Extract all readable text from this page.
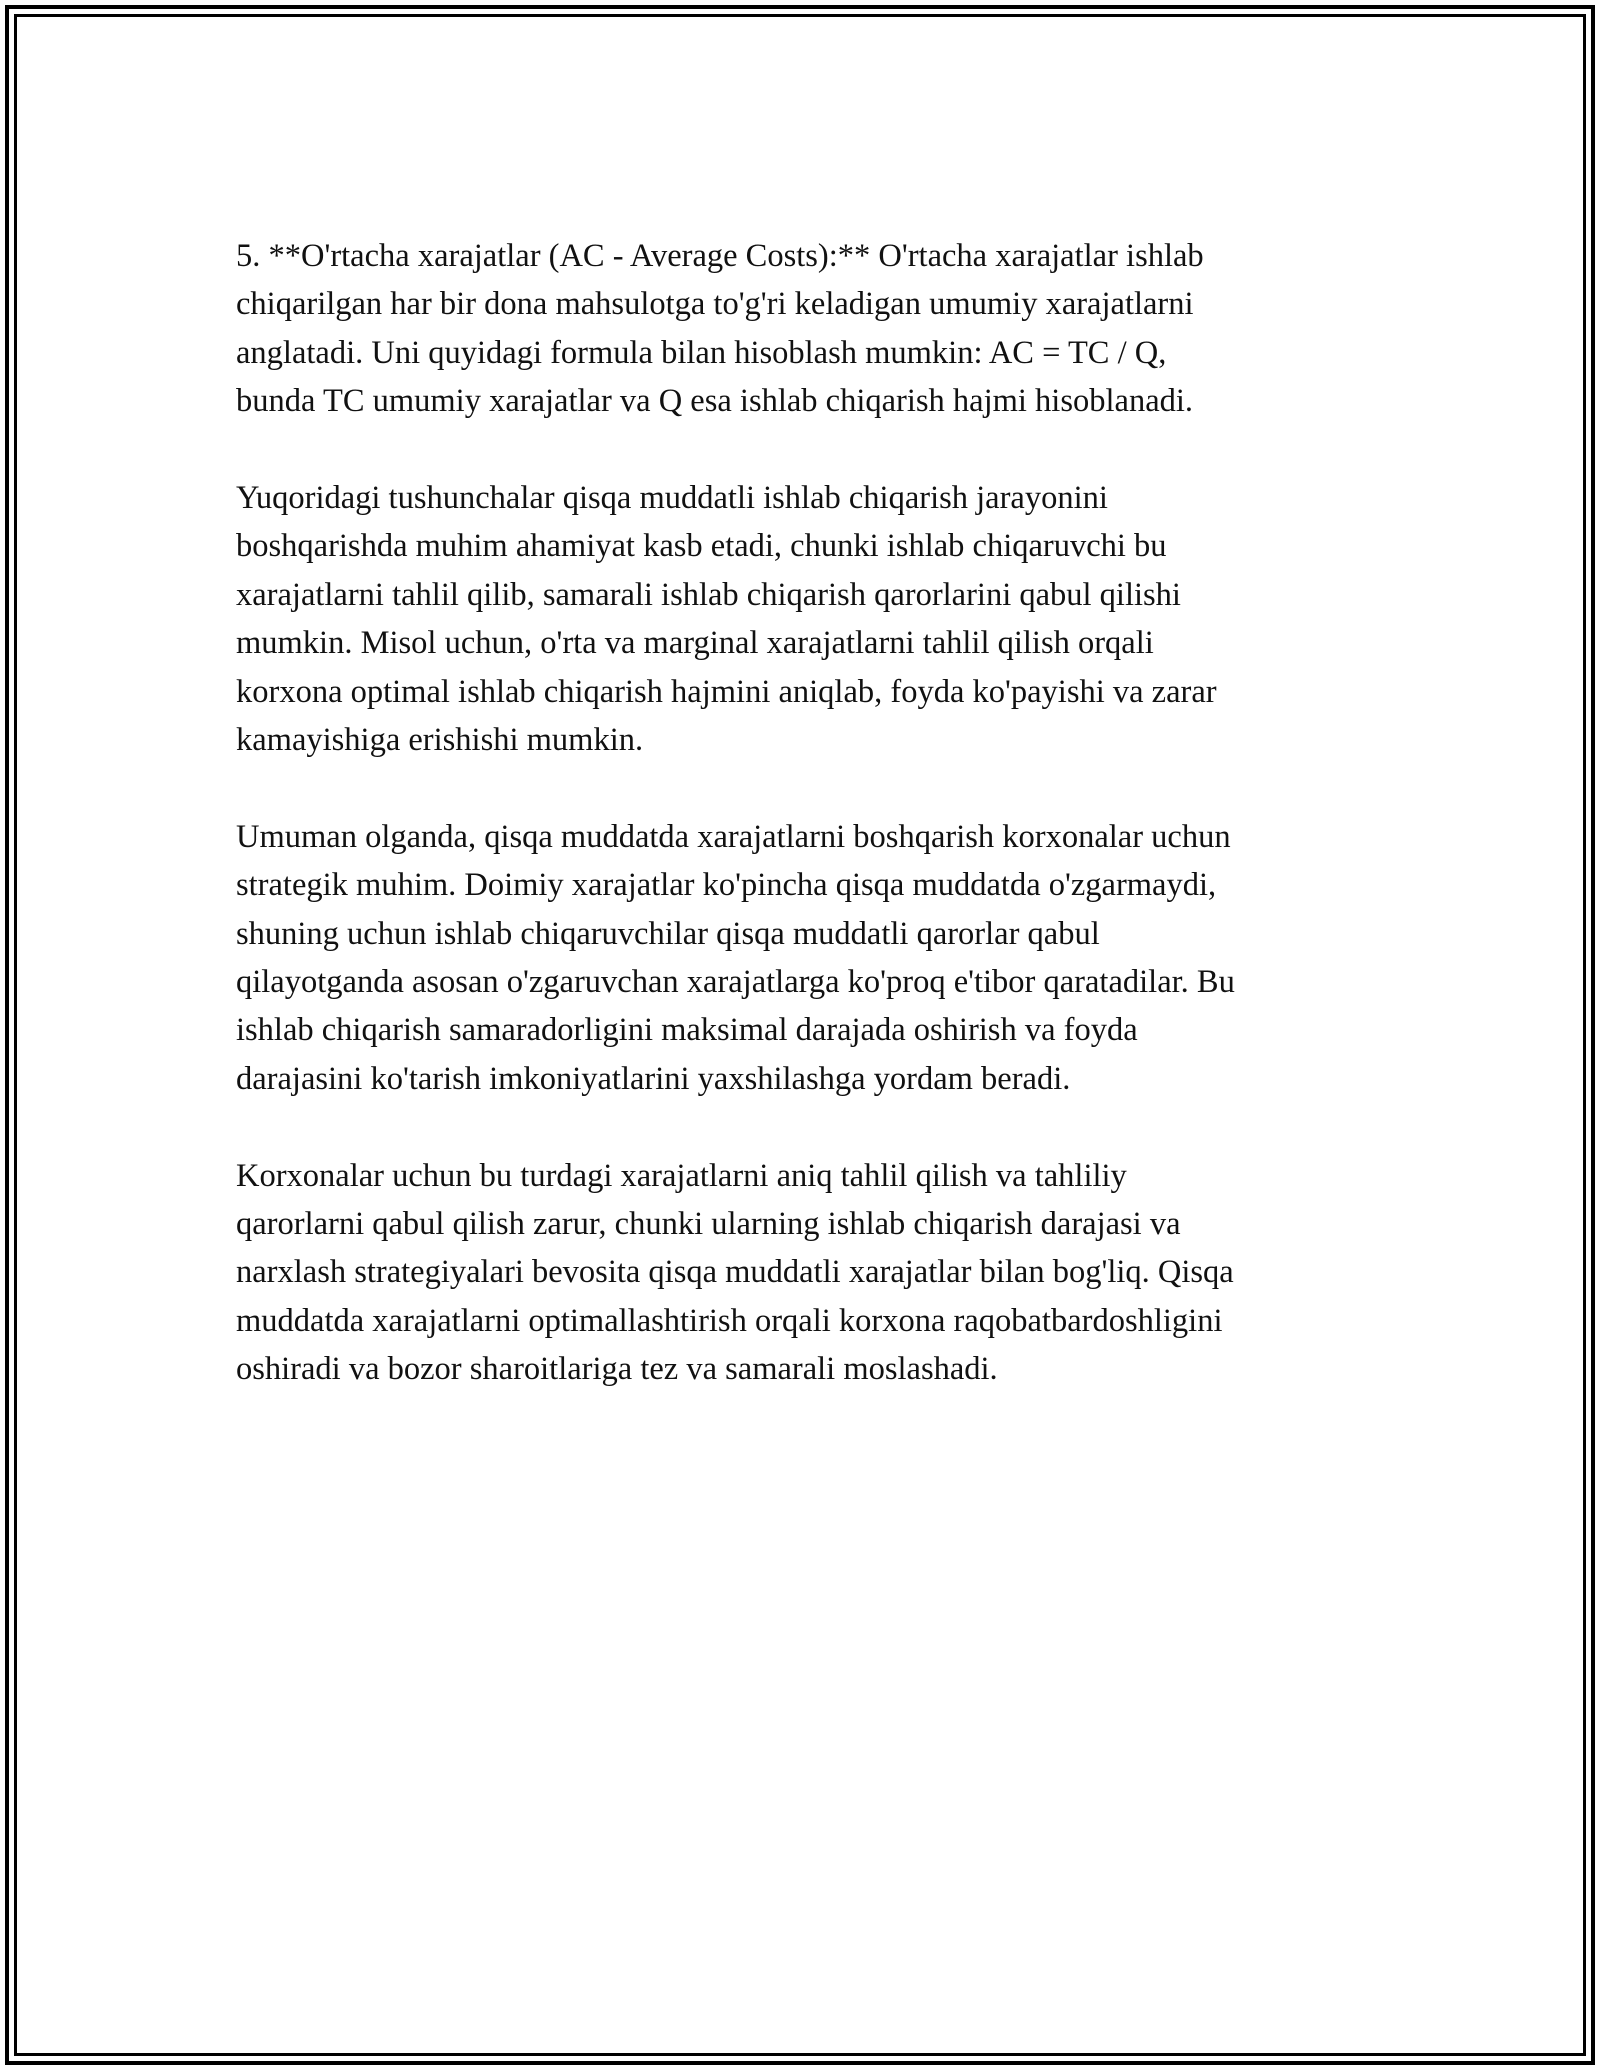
5. **O'rtacha xarajatlar (AC - Average Costs):** O'rtacha xarajatlar ishlab
chiqarilgan har bir dona mahsulotga to'g'ri keladigan umumiy xarajatlarni
anglatadi. Uni quyidagi formula bilan hisoblash mumkin: AC = TC / Q,
bunda TC umumiy xarajatlar va Q esa ishlab chiqarish hajmi hisoblanadi.

Yuqoridagi tushunchalar qisqa muddatli ishlab chiqarish jarayonini
boshqarishda muhim ahamiyat kasb etadi, chunki ishlab chiqaruvchi bu
xarajatlarni tahlil qilib, samarali ishlab chiqarish qarorlarini qabul qilishi
mumkin. Misol uchun, o'rta va marginal xarajatlarni tahlil qilish orqali
korxona optimal ishlab chiqarish hajmini aniqlab, foyda ko'payishi va zarar
kamayishiga erishishi mumkin.

Umuman olganda, qisqa muddatda xarajatlarni boshqarish korxonalar uchun
strategik muhim. Doimiy xarajatlar ko'pincha qisqa muddatda o'zgarmaydi,
shuning uchun ishlab chiqaruvchilar qisqa muddatli qarorlar qabul
qilayotganda asosan o'zgaruvchan xarajatlarga ko'proq e'tibor qaratadilar. Bu
ishlab chiqarish samaradorligini maksimal darajada oshirish va foyda
darajasini ko'tarish imkoniyatlarini yaxshilashga yordam beradi.

Korxonalar uchun bu turdagi xarajatlarni aniq tahlil qilish va tahliliy
qarorlarni qabul qilish zarur, chunki ularning ishlab chiqarish darajasi va
narxlash strategiyalari bevosita qisqa muddatli xarajatlar bilan bog'liq. Qisqa
muddatda xarajatlarni optimallashtirish orqali korxona raqobatbardoshligini
oshiradi va bozor sharoitlariga tez va samarali moslashadi.
